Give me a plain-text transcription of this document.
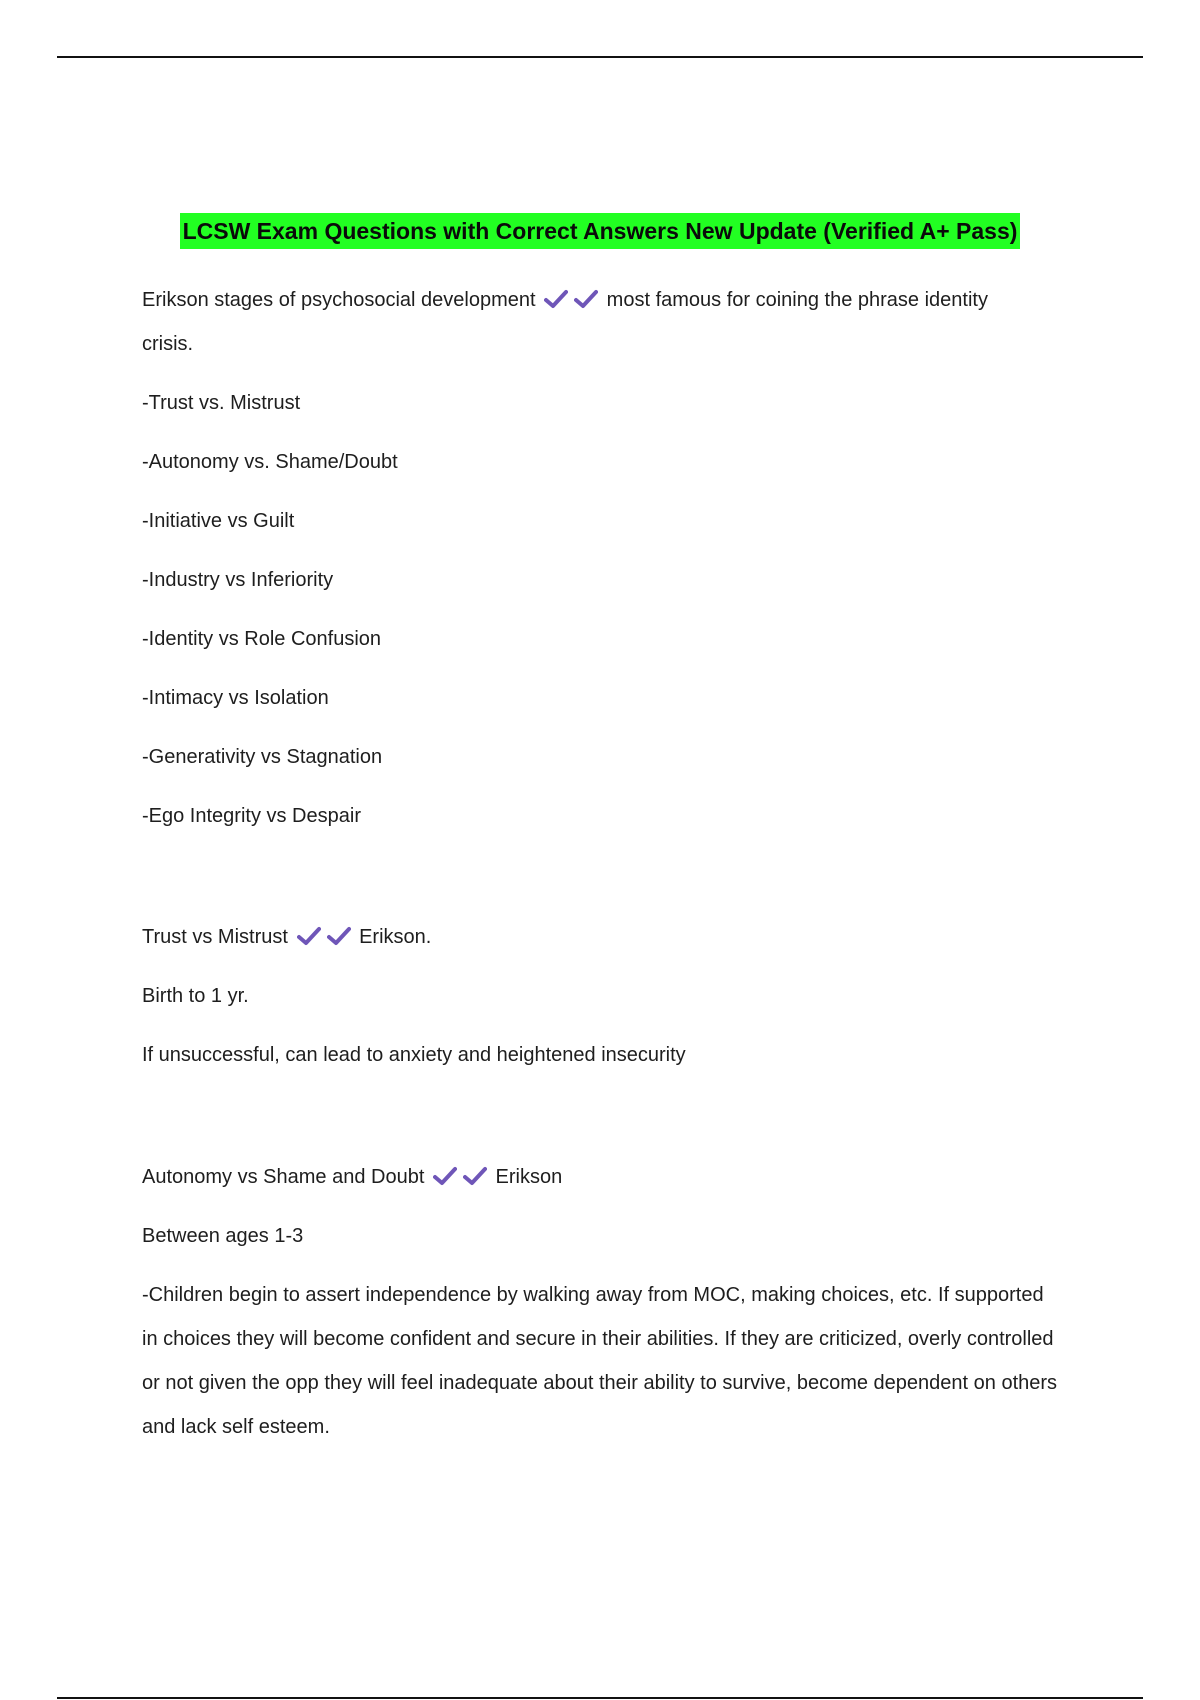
LCSW Exam Questions with Correct Answers New Update (Verified A+ Pass)

Erikson stages of psychosocial development	most famous for coining the phrase identity

crisis.

-Trust vs. Mistrust

-Autonomy vs. Shame/Doubt

-Initiative vs Guilt

-Industry vs Inferiority

-Identity vs Role Confusion

-Intimacy vs Isolation

-Generativity vs Stagnation

-Ego Integrity vs Despair

Trust vs Mistrust	Erikson.

Birth to 1 yr.

If unsuccessful, can lead to anxiety and heightened insecurity

Autonomy vs Shame and Doubt	Erikson

Between ages 1-3

-Children begin to assert independence by walking away from MOC, making choices, etc. If supported in choices they will become confident and secure in their abilities. If they are criticized, overly controlled or not given the opp they will feel inadequate about their ability to survive, become dependent on others and lack self esteem.
